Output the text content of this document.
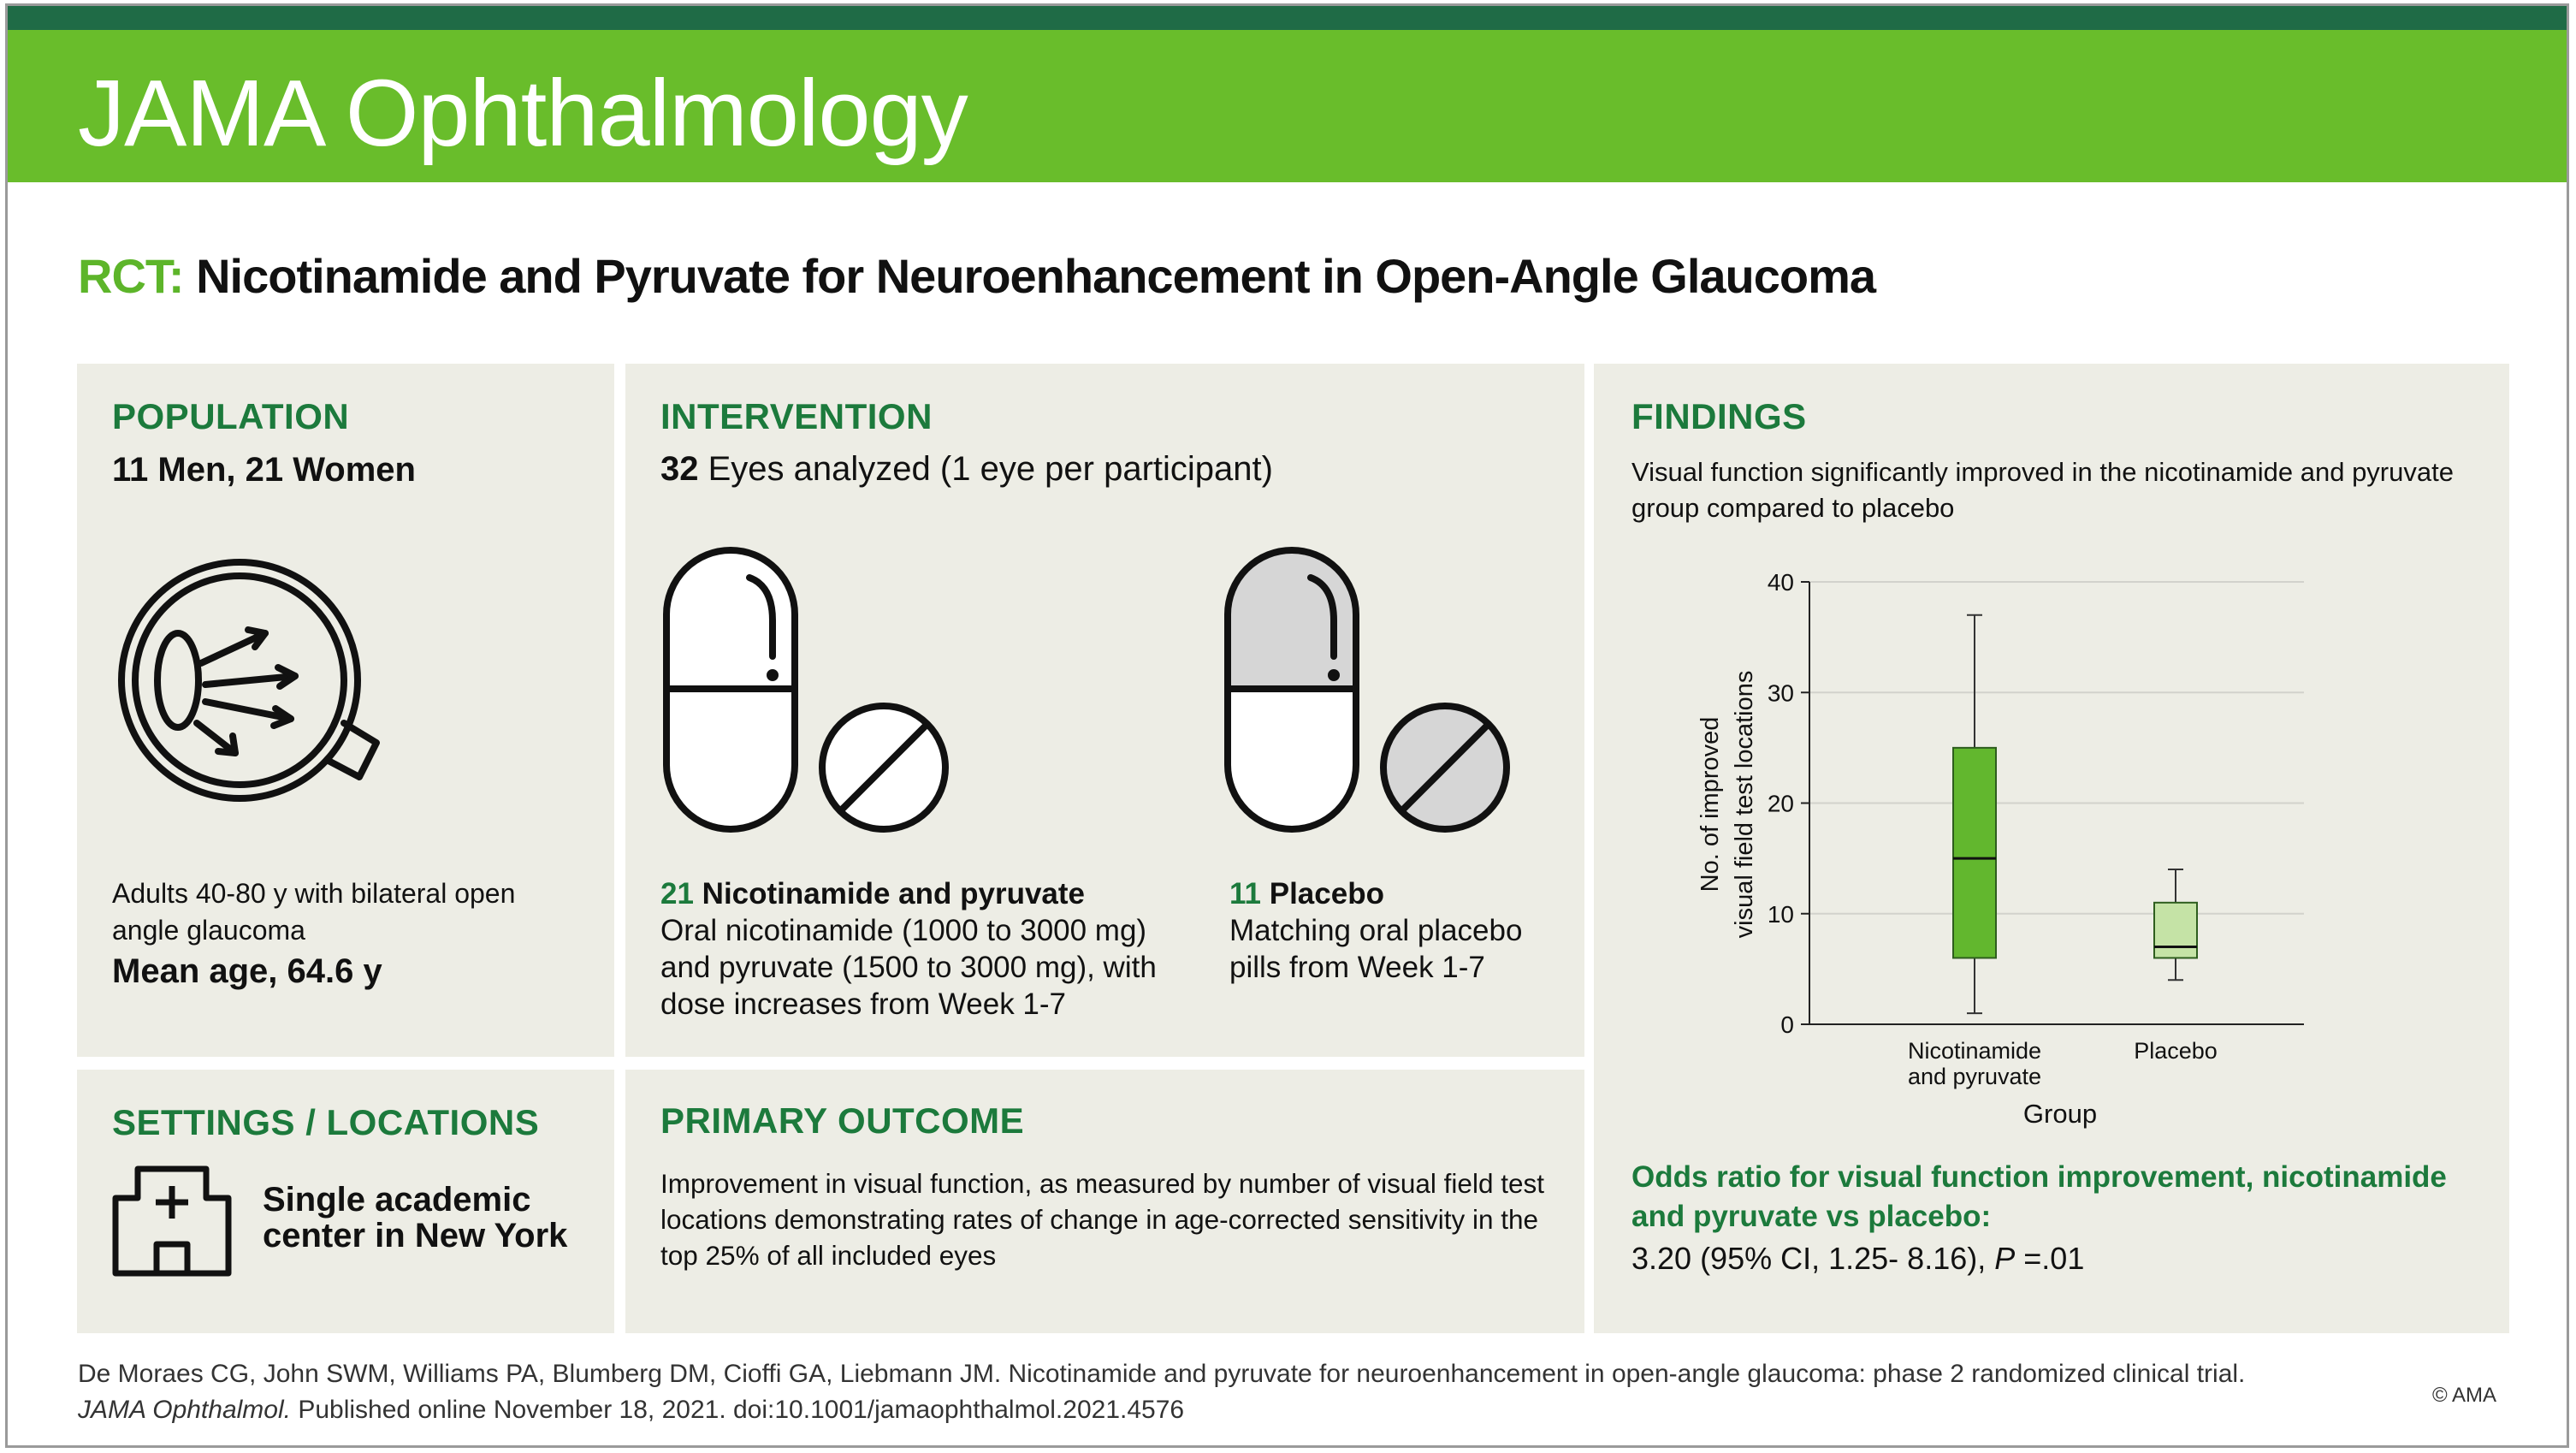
JAMA Ophthalmology
RCT: Nicotinamide and Pyruvate for Neuroenhancement in Open-Angle Glaucoma
POPULATION
11 Men, 21 Women
Adults 40-80 y with bilateral open angle glaucoma
Mean age, 64.6 y
INTERVENTION
32 Eyes analyzed (1 eye per participant)
21 Nicotinamide and pyruvate
Oral nicotinamide (1000 to 3000 mg) and pyruvate (1500 to 3000 mg), with dose increases from Week 1-7
11 Placebo
Matching oral placebo pills from Week 1-7
SETTINGS / LOCATIONS
Single academic
center in New York
PRIMARY OUTCOME
Improvement in visual function, as measured by number of visual field test locations demonstrating rates of change in age-corrected sensitivity in the top 25% of all included eyes
FINDINGS
Visual function significantly improved in the nicotinamide and pyruvate group compared to placebo
0
10
20
30
40
Nicotinamide
and pyruvate
Placebo
No. of improved visual field test locations
Group
Odds ratio for visual function improvement, nicotinamide and pyruvate vs placebo:
3.20 (95% CI, 1.25- 8.16), P =.01
De Moraes CG, John SWM, Williams PA, Blumberg DM, Cioffi GA, Liebmann JM. Nicotinamide and pyruvate for neuroenhancement in open-angle glaucoma: phase 2 randomized clinical trial.
JAMA Ophthalmol. Published online November 18, 2021. doi:10.1001/jamaophthalmol.2021.4576
© AMA
